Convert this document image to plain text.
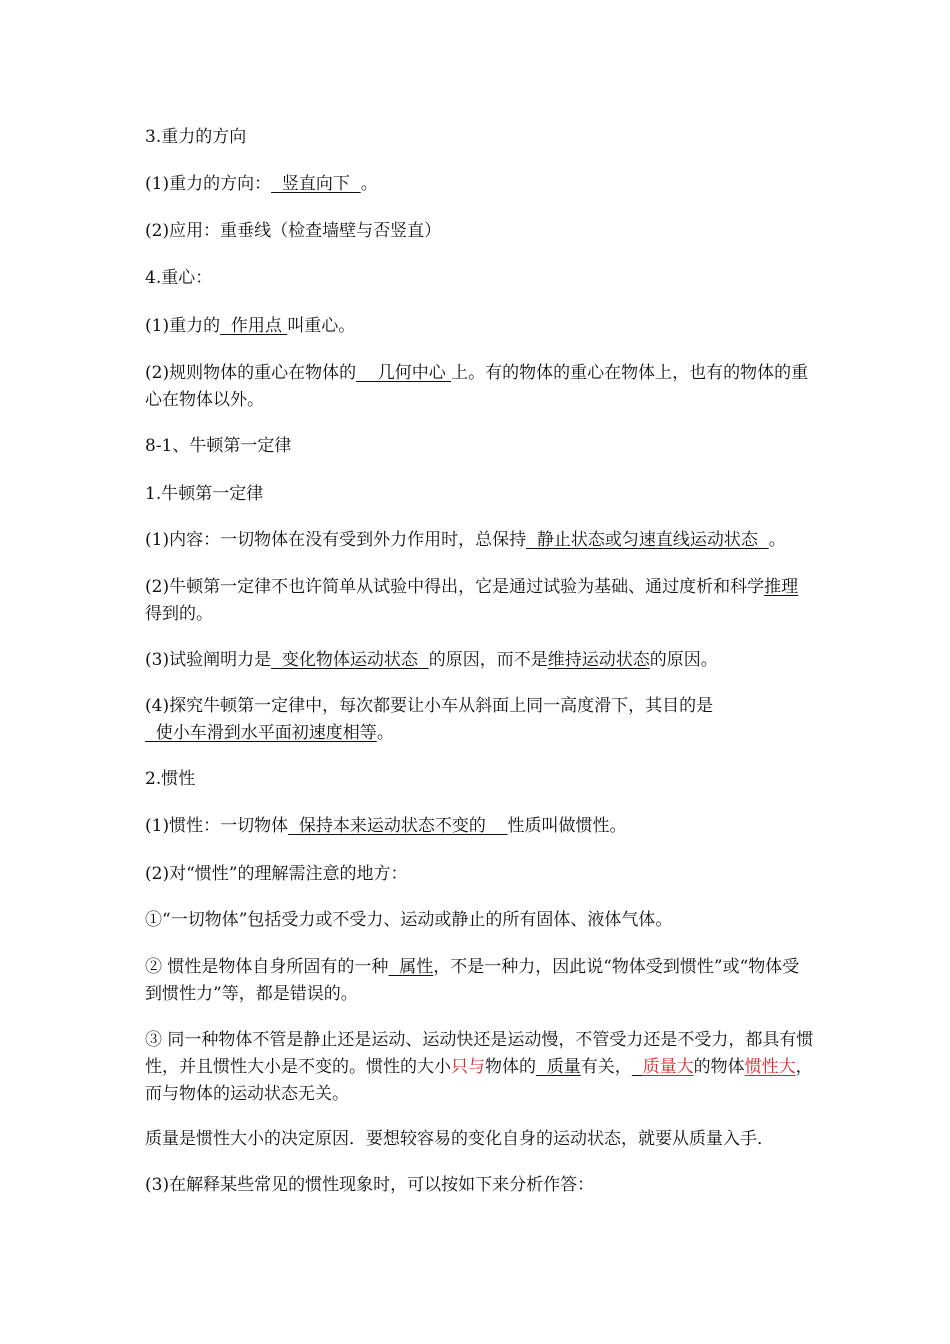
3.重力的方向

(1)重力的方向：  竖直向下  。

(2)应用：重垂线（检查墙壁与否竖直）

4.重心：

(1)重力的  作用点 叫重心。

(2)规则物体的重心在物体的    几何中心 上。有的物体的重心在物体上，也有的物体的重心在物体以外。

8-1、牛顿第一定律

1.牛顿第一定律

(1)内容：一切物体在没有受到外力作用时，总保持  静止状态或匀速直线运动状态  。

(2)牛顿第一定律不也许简单从试验中得出，它是通过试验为基础、通过度析和科学推理得到的。

(3)试验阐明力是  变化物体运动状态  的原因，而不是维持运动状态的原因。

(4)探究牛顿第一定律中，每次都要让小车从斜面上同一高度滑下，其目的是  使小车滑到水平面初速度相等。

2.惯性

(1)惯性：一切物体  保持本来运动状态不变的    性质叫做惯性。

(2)对“惯性”的理解需注意的地方：

①“一切物体”包括受力或不受力、运动或静止的所有固体、液体气体。

② 惯性是物体自身所固有的一种  属性，不是一种力，因此说“物体受到惯性”或“物体受到惯性力”等，都是错误的。

③ 同一种物体不管是静止还是运动、运动快还是运动慢，不管受力还是不受力，都具有惯性，并且惯性大小是不变的。惯性的大小只与物体的  质量有关， 质量大的物体惯性大，而与物体的运动状态无关。

质量是惯性大小的决定原因．要想较容易的变化自身的运动状态，就要从质量入手．

(3)在解释某些常见的惯性现象时，可以按如下来分析作答：
